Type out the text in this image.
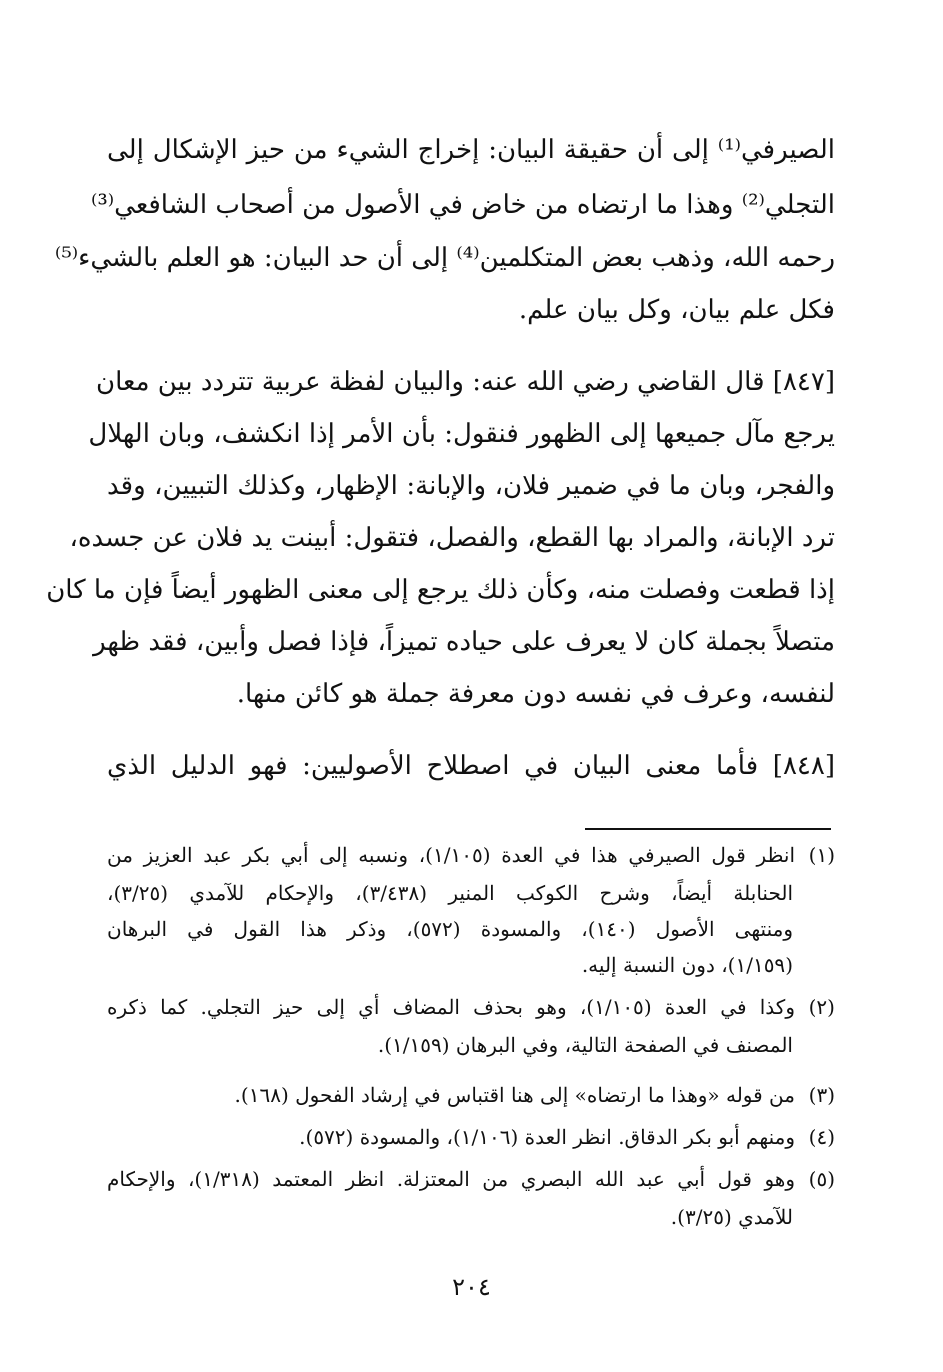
الصيرفي⁽¹⁾ إلى أن حقيقة البيان: إخراج الشيء من حيز الإشكال إلى
التجلي⁽²⁾ وهذا ما ارتضاه من خاض في الأصول من أصحاب الشافعي⁽³⁾
رحمه الله، وذهب بعض المتكلمين⁽⁴⁾ إلى أن حد البيان: هو العلم بالشيء⁽⁵⁾
فكل علم بيان، وكل بيان علم.
[٨٤٧] قال القاضي رضي الله عنه: والبيان لفظة عربية تتردد بين معان
يرجع مآل جميعها إلى الظهور فنقول: بأن الأمر إذا انكشف، وبان الهلال
والفجر، وبان ما في ضمير فلان، والإبانة: الإظهار، وكذلك التبيين، وقد
ترد الإبانة، والمراد بها القطع، والفصل، فتقول: أبينت يد فلان عن جسده،
إذا قطعت وفصلت منه، وكأن ذلك يرجع إلى معنى الظهور أيضاً فإن ما كان
متصلاً بجملة كان لا يعرف على حياده تميزاً، فإذا فصل وأبين، فقد ظهر
لنفسه، وعرف في نفسه دون معرفة جملة هو كائن منها.
[٨٤٨] فأما معنى البيان في اصطلاح الأصوليين: فهو الدليل الذي
(١)انظر قول الصيرفي هذا في العدة (١/١٠٥)، ونسبه إلى أبي بكر عبد العزيز من
الحنابلة أيضاً، وشرح الكوكب المنير (٣/٤٣٨)، والإحكام للآمدي (٣/٢٥)،
ومنتهى الأصول (١٤٠)، والمسودة (٥٧٢)، وذكر هذا القول في البرهان
(١/١٥٩)، دون النسبة إليه.
(٢)وكذا في العدة (١/١٠٥)، وهو بحذف المضاف أي إلى حيز التجلي. كما ذكره
المصنف في الصفحة التالية، وفي البرهان (١/١٥٩).
(٣)من قوله «وهذا ما ارتضاه» إلى هنا اقتباس في إرشاد الفحول (١٦٨).
(٤)ومنهم أبو بكر الدقاق. انظر العدة (١/١٠٦)، والمسودة (٥٧٢).
(٥)وهو قول أبي عبد الله البصري من المعتزلة. انظر المعتمد (١/٣١٨)، والإحكام
للآمدي (٣/٢٥).
٢٠٤
